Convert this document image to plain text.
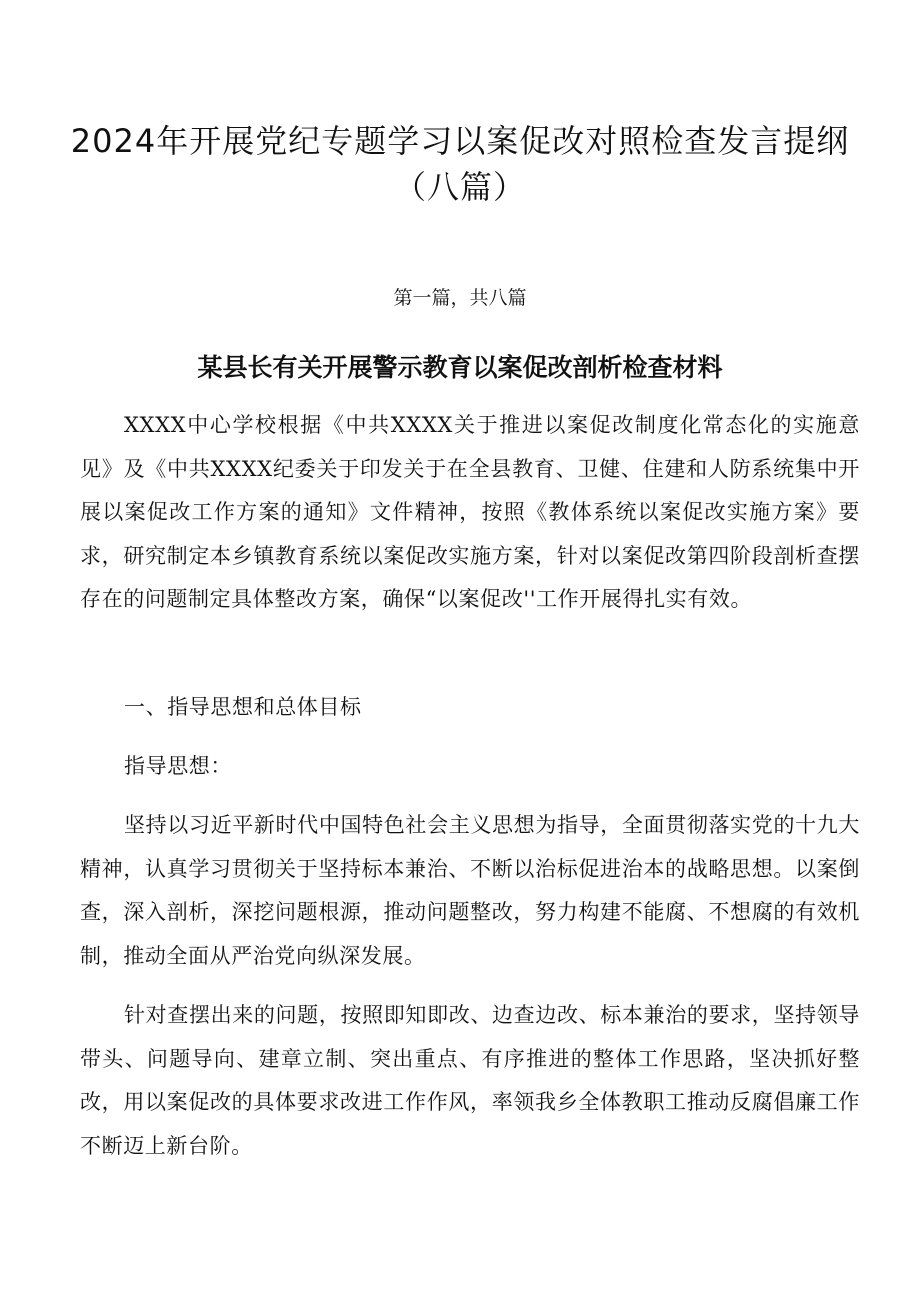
2024年开展党纪专题学习以案促改对照检查发言提纲
（八篇）
第一篇，共八篇
某县长有关开展警示教育以案促改剖析检查材料

XXXX中心学校根据《中共XXXX关于推进以案促改制度化常态化的实施意见》及《中共XXXX纪委关于印发关于在全县教育、卫健、住建和人防系统集中开展以案促改工作方案的通知》文件精神，按照《教体系统以案促改实施方案》要求，研究制定本乡镇教育系统以案促改实施方案，针对以案促改第四阶段剖析查摆存在的问题制定具体整改方案，确保“以案促改''工作开展得扎实有效。

一、指导思想和总体目标

指导思想：

坚持以习近平新时代中国特色社会主义思想为指导，全面贯彻落实党的十九大精神，认真学习贯彻关于坚持标本兼治、不断以治标促进治本的战略思想。以案倒查，深入剖析，深挖问题根源，推动问题整改，努力构建不能腐、不想腐的有效机制，推动全面从严治党向纵深发展。

针对查摆出来的问题，按照即知即改、边查边改、标本兼治的要求，坚持领导带头、问题导向、建章立制、突出重点、有序推进的整体工作思路，坚决抓好整改，用以案促改的具体要求改进工作作风，率领我乡全体教职工推动反腐倡廉工作不断迈上新台阶。
